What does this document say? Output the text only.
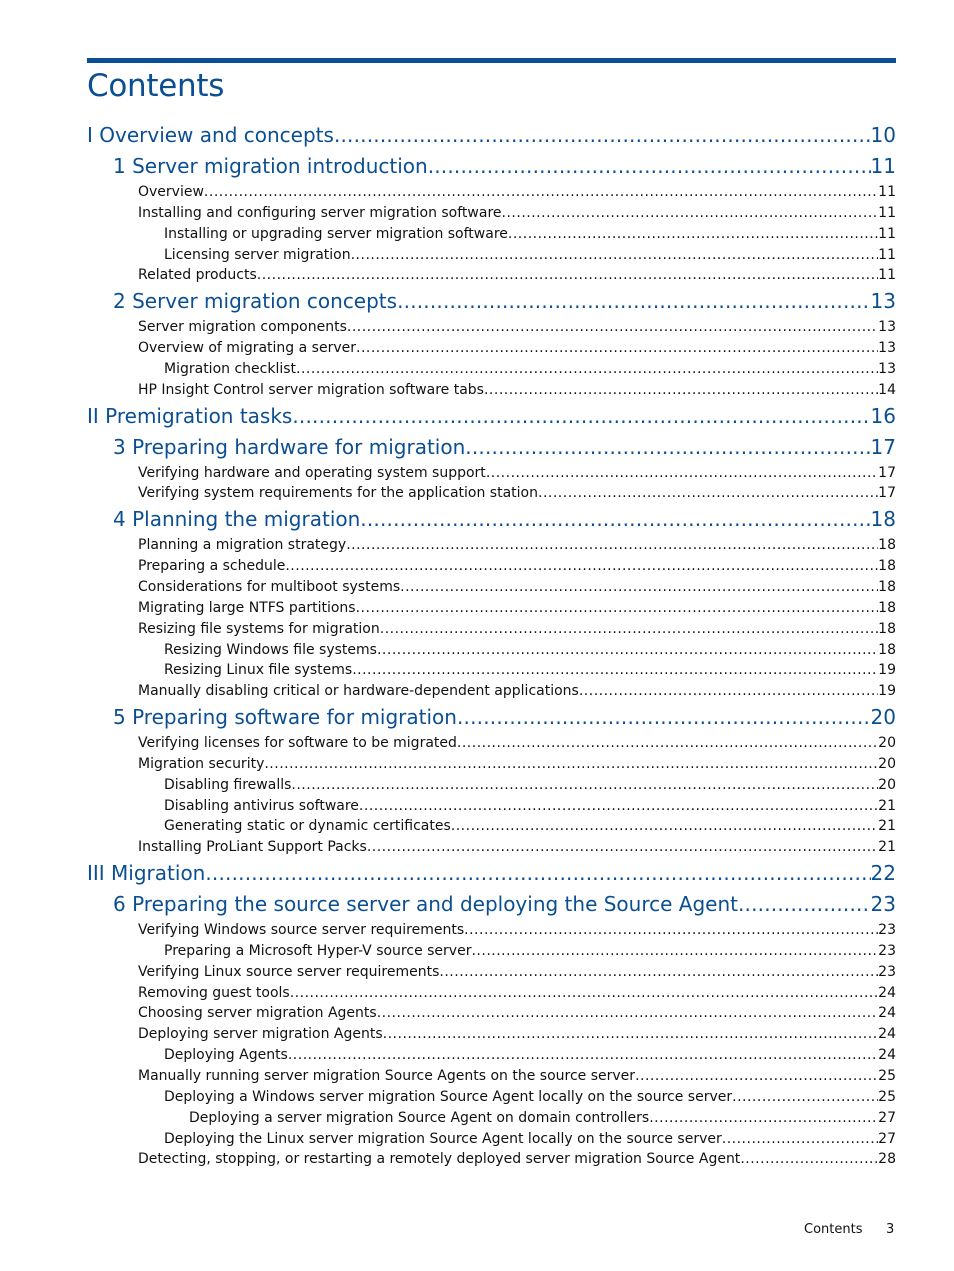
Contents
I Overview and concepts .....	10
1 Server migration introduction .....	11
Overview .....	11
Installing and configuring server migration software .....	11
Installing or upgrading server migration software .....	11
Licensing server migration .....	11
Related products .....	11
2 Server migration concepts .....	13
Server migration components .....	13
Overview of migrating a server .....	13
Migration checklist .....	13
HP Insight Control server migration software tabs .....	14
II Premigration tasks .....	16
3 Preparing hardware for migration .....	17
Verifying hardware and operating system support .....	17
Verifying system requirements for the application station .....	17
4 Planning the migration .....	18
Planning a migration strategy .....	18
Preparing a schedule .....	18
Considerations for multiboot systems .....	18
Migrating large NTFS partitions .....	18
Resizing file systems for migration .....	18
Resizing Windows file systems .....	18
Resizing Linux file systems .....	19
Manually disabling critical or hardware-dependent applications .....	19
5 Preparing software for migration .....	20
Verifying licenses for software to be migrated .....	20
Migration security .....	20
Disabling firewalls .....	20
Disabling antivirus software .....	21
Generating static or dynamic certificates .....	21
Installing ProLiant Support Packs .....	21
III Migration .....	22
6 Preparing the source server and deploying the Source Agent .....	23
Verifying Windows source server requirements .....	23
Preparing a Microsoft Hyper-V source server .....	23
Verifying Linux source server requirements .....	23
Removing guest tools .....	24
Choosing server migration Agents .....	24
Deploying server migration Agents .....	24
Deploying Agents .....	24
Manually running server migration Source Agents on the source server .....	25
Deploying a Windows server migration Source Agent locally on the source server .....	25
Deploying a server migration Source Agent on domain controllers .....	27
Deploying the Linux server migration Source Agent locally on the source server .....	27
Detecting, stopping, or restarting a remotely deployed server migration Source Agent .....	28
Contents 3
